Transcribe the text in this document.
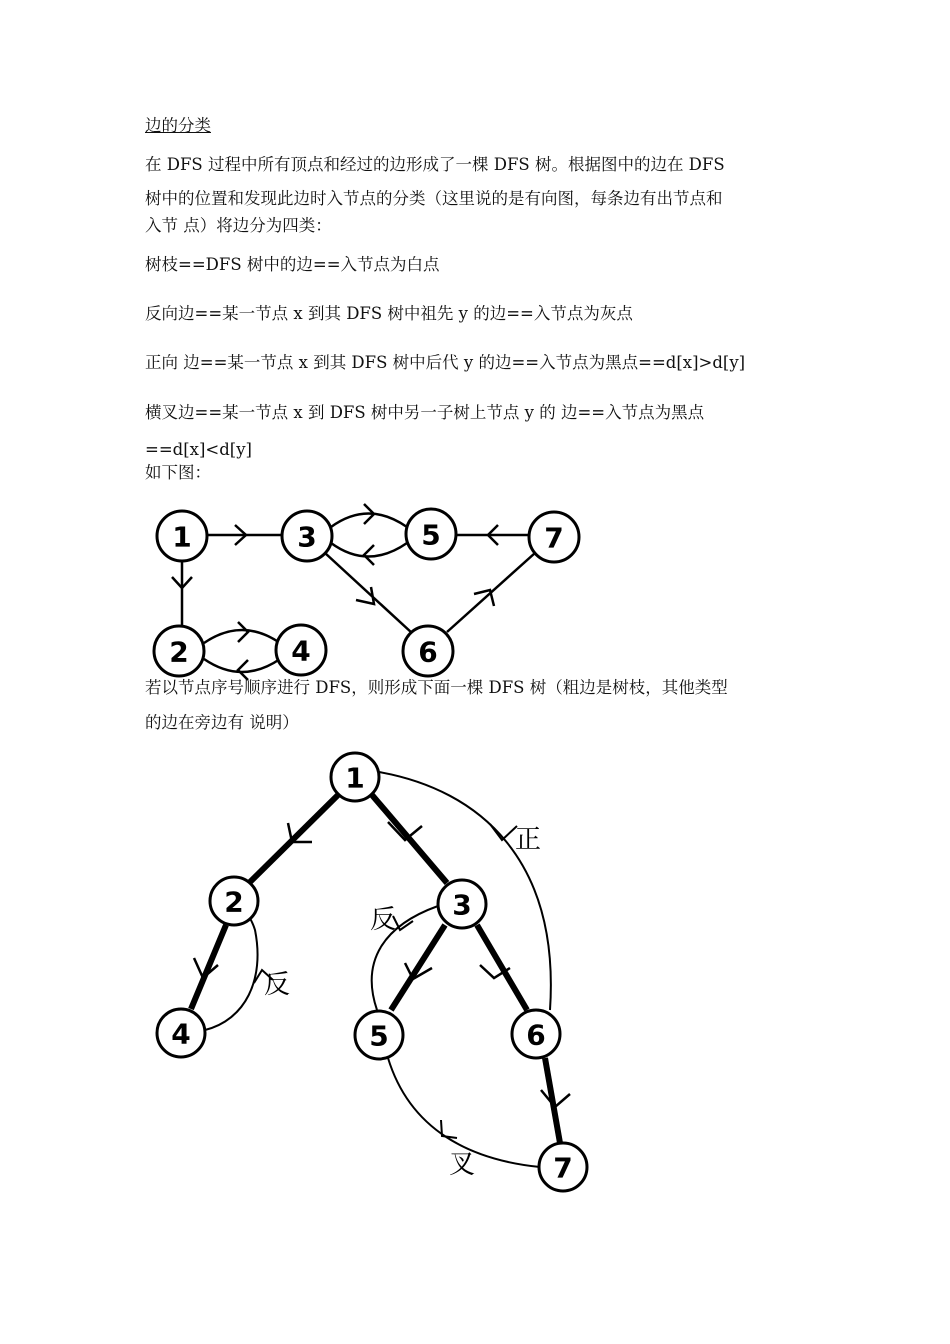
边的分类
在 DFS 过程中所有顶点和经过的边形成了一棵 DFS 树。根据图中的边在 DFS
树中的位置和发现此边时入节点的分类（这里说的是有向图，每条边有出节点和
入节 点）将边分为四类：
树枝==DFS 树中的边==入节点为白点
反向边==某一节点 x 到其 DFS 树中祖先 y 的边==入节点为灰点
正向 边==某一节点 x 到其 DFS 树中后代 y 的边==入节点为黑点==d[x]>d[y]
横叉边==某一节点 x 到 DFS 树中另一子树上节点 y 的 边==入节点为黑点
==d[x]<d[y]
如下图：
1	3	5	7
2	4	6
若以节点序号顺序进行 DFS，则形成下面一棵 DFS 树（粗边是树枝，其他类型
的边在旁边有 说明）
正
反
反
叉
1
2	3
4	5	6
7
